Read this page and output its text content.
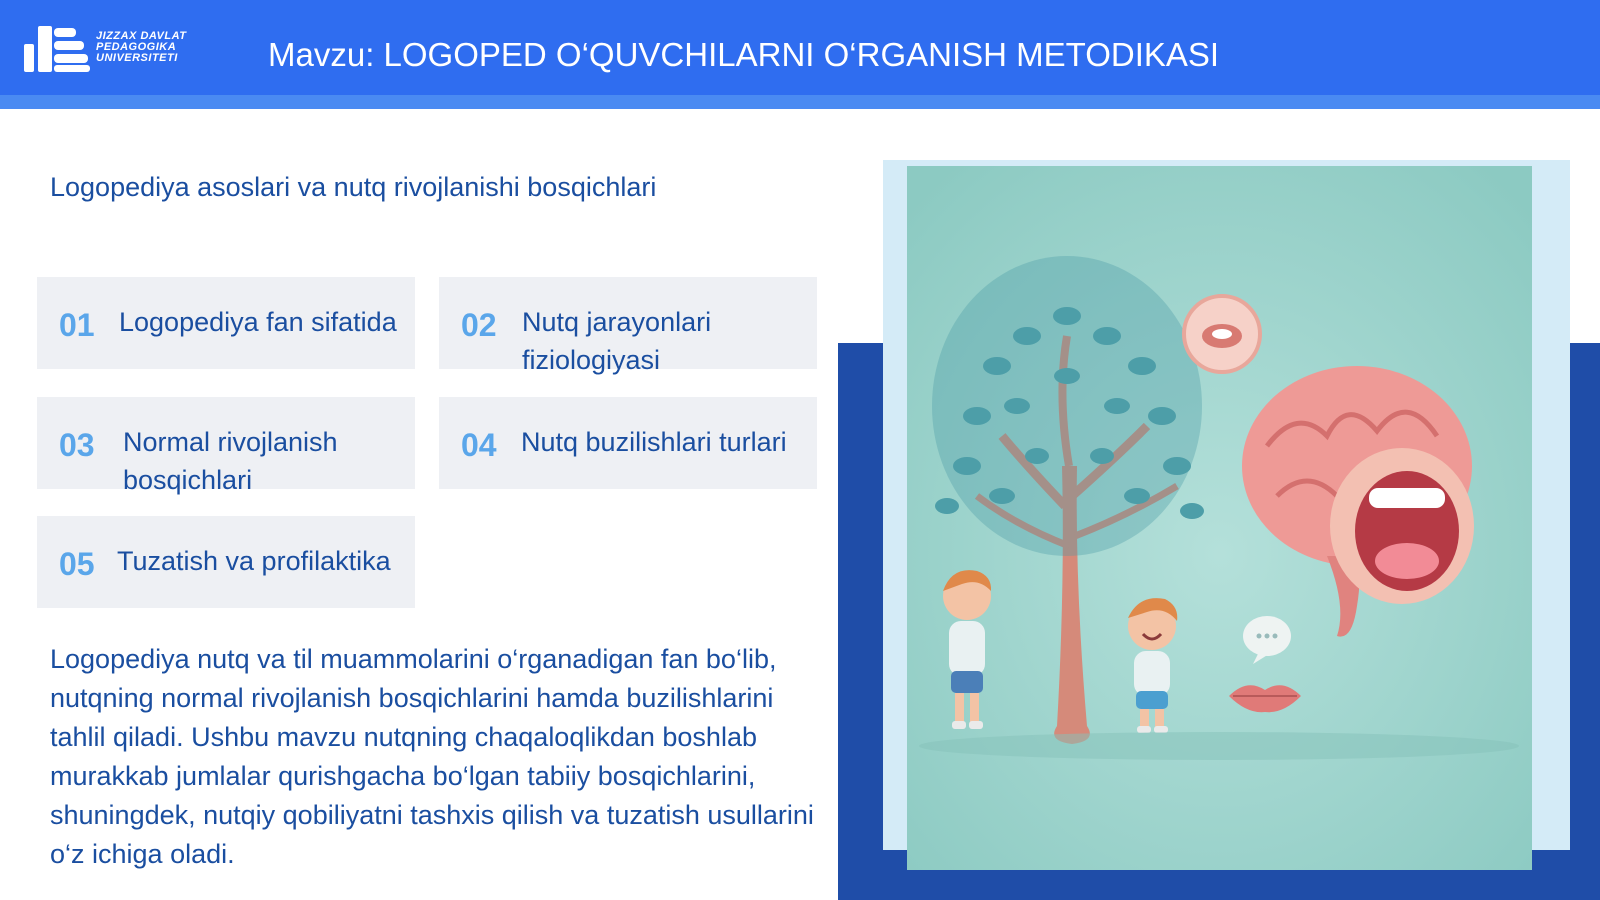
JIZZAX DAVLAT
PEDAGOGIKA
UNIVERSITETI	Mavzu: LOGOPED O‘QUVCHILARNI O‘RGANISH METODIKASI
Logopediya asoslari va nutq rivojlanishi bosqichlari
01 Logopediya fan sifatida 02 Nutq jarayonlari fiziologiyasi
03 Normal rivojlanish bosqichlari
04 Nutq buzilishlari turlari
05 Tuzatish va profilaktika
Logopediya nutq va til muammolarini o‘rganadigan fan bo‘lib, nutqning normal rivojlanish bosqichlarini hamda buzilishlarini tahlil qiladi. Ushbu mavzu nutqning chaqaloqlikdan boshlab murakkab jumlalar qurishgacha bo‘lgan tabiiy bosqichlarini, shuningdek, nutqiy qobiliyatni tashxis qilish va tuzatish usullarini o‘z ichiga oladi.
